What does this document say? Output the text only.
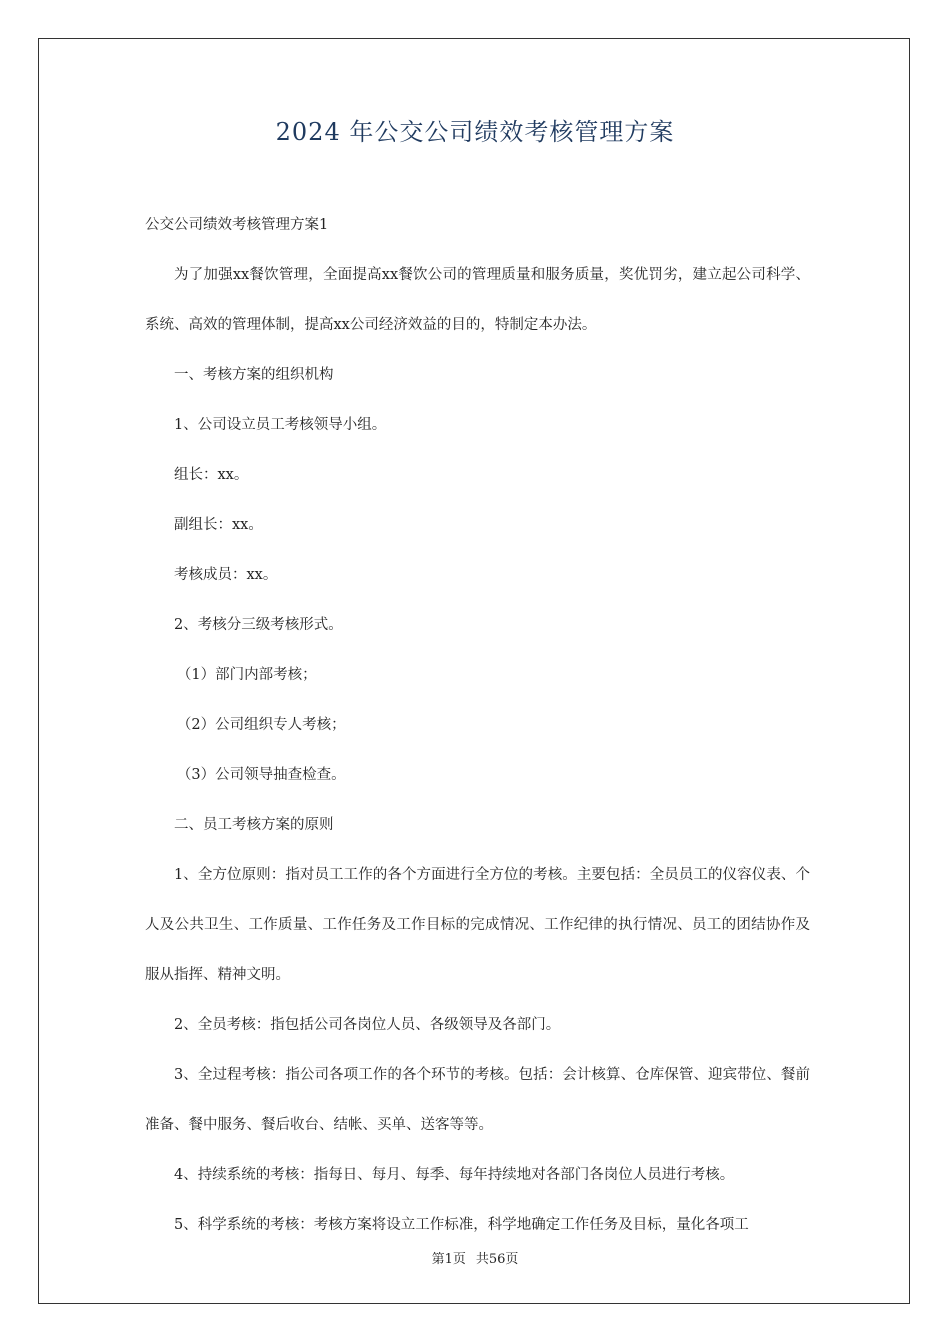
2024 年公交公司绩效考核管理方案

公交公司绩效考核管理方案1

为了加强xx餐饮管理，全面提高xx餐饮公司的管理质量和服务质量，奖优罚劣，建立起公司科学、系统、高效的管理体制，提高xx公司经济效益的目的，特制定本办法。

一、考核方案的组织机构

1、公司设立员工考核领导小组。

组长：xx。

副组长：xx。

考核成员：xx。

2、考核分三级考核形式。

（1）部门内部考核；

（2）公司组织专人考核；

（3）公司领导抽查检查。

二、员工考核方案的原则

1、全方位原则：指对员工工作的各个方面进行全方位的考核。主要包括：全员员工的仪容仪表、个人及公共卫生、工作质量、工作任务及工作目标的完成情况、工作纪律的执行情况、员工的团结协作及服从指挥、精神文明。

2、全员考核：指包括公司各岗位人员、各级领导及各部门。

3、全过程考核：指公司各项工作的各个环节的考核。包括：会计核算、仓库保管、迎宾带位、餐前准备、餐中服务、餐后收台、结帐、买单、送客等等。

4、持续系统的考核：指每日、每月、每季、每年持续地对各部门各岗位人员进行考核。

5、科学系统的考核：考核方案将设立工作标准，科学地确定工作任务及目标，量化各项工

第1页 共56页
